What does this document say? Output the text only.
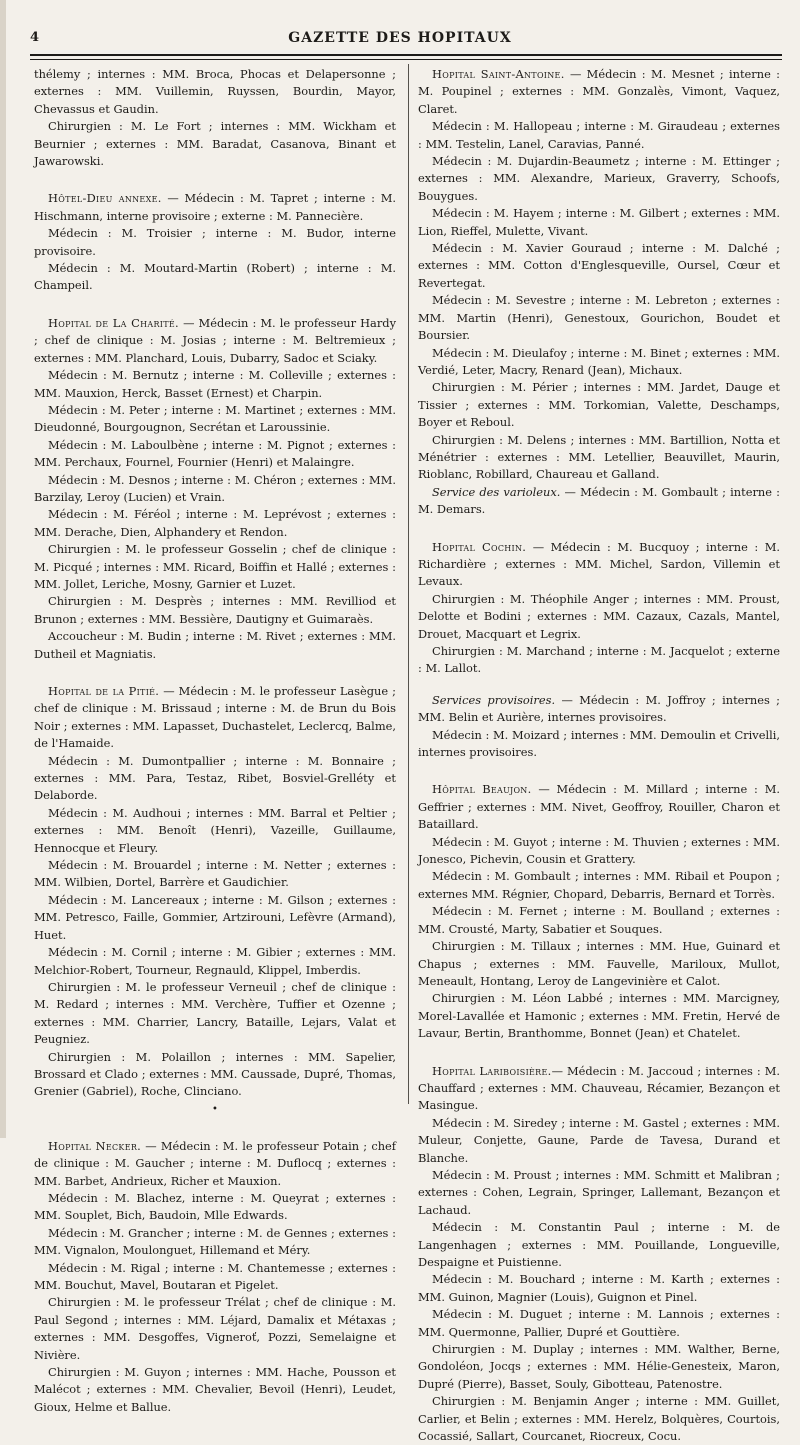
4	GAZETTE DES HOPITAUX

thélemy ; internes : MM. Broca, Phocas et Delapersonne ; externes : MM. Vuillemin, Ruyssen, Bourdin, Mayor, Chevassus et Gaudin.

Chirurgien : M. Le Fort ; internes : MM. Wickham et Beurnier ; externes : MM. Baradat, Casanova, Binant et Jawarowski.

Hôtel-Dieu annexe. — Médecin : M. Tapret ; interne : M. Hischmann, interne provisoire ; externe : M. Pannecière.

Médecin : M. Troisier ; interne : M. Budor, interne provisoire.

Médecin : M. Moutard-Martin (Robert) ; interne : M. Champeil.

Hopital de La Charité. — Médecin : M. le professeur Hardy ; chef de clinique : M. Josias ; interne : M. Beltremieux ; externes : MM. Planchard, Louis, Dubarry, Sadoc et Sciaky.

Médecin : M. Bernutz ; interne : M. Colleville ; externes : MM. Mauxion, Herck, Basset (Ernest) et Charpin.

Médecin : M. Peter ; interne : M. Martinet ; externes : MM. Dieudonné, Bourgougnon, Secrétan et Laroussinie.

Médecin : M. Laboulbène ; interne : M. Pignot ; externes : MM. Perchaux, Fournel, Fournier (Henri) et Malaingre.

Médecin : M. Desnos ; interne : M. Chéron ; externes : MM. Barzilay, Leroy (Lucien) et Vrain.

Médecin : M. Féréol ; interne : M. Leprévost ; externes : MM. Derache, Dien, Alphandery et Rendon.

Chirurgien : M. le professeur Gosselin ; chef de clinique : M. Picqué ; internes : MM. Ricard, Boiffin et Hallé ; externes : MM. Jollet, Leriche, Mosny, Garnier et Luzet.

Chirurgien : M. Desprès ; internes : MM. Revilliod et Brunon ; externes : MM. Bessière, Dautigny et Guimaraès.

Accoucheur : M. Budin ; interne : M. Rivet ; externes : MM. Dutheil et Magniatis.

Hopital de la Pitié. — Médecin : M. le professeur Lasègue ; chef de clinique : M. Brissaud ; interne : M. de Brun du Bois Noir ; externes : MM. Lapasset, Duchastelet, Leclercq, Balme, de l'Hamaide.

Médecin : M. Dumontpallier ; interne : M. Bonnaire ; externes : MM. Para, Testaz, Ribet, Bosviel-Grelléty et Delaborde.

Médecin : M. Audhoui ; internes : MM. Barral et Peltier ; externes : MM. Benoît (Henri), Vazeille, Guillaume, Hennocque et Fleury.

Médecin : M. Brouardel ; interne : M. Netter ; externes : MM. Wilbien, Dortel, Barrère et Gaudichier.

Médecin : M. Lancereaux ; interne : M. Gilson ; externes : MM. Petresco, Faille, Gommier, Artzirouni, Lefèvre (Armand), Huet.

Médecin : M. Cornil ; interne : M. Gibier ; externes : MM. Melchior-Robert, Tourneur, Regnauld, Klippel, Imberdis.

Chirurgien : M. le professeur Verneuil ; chef de clinique : M. Redard ; internes : MM. Verchère, Tuffier et Ozenne ; externes : MM. Charrier, Lancry, Bataille, Lejars, Valat et Peugniez.

Chirurgien : M. Polaillon ; internes : MM. Sapelier, Brossard et Clado ; externes : MM. Caussade, Dupré, Thomas, Grenier (Gabriel), Roche, Clinciano.

•

Hopital Necker. — Médecin : M. le professeur Potain ; chef de clinique : M. Gaucher ; interne : M. Duflocq ; externes : MM. Barbet, Andrieux, Richer et Mauxion.

Médecin : M. Blachez, interne : M. Queyrat ; externes : MM. Souplet, Bich, Baudoin, Mlle Edwards.

Médecin : M. Grancher ; interne : M. de Gennes ; externes : MM. Vignalon, Moulonguet, Hillemand et Méry.

Médecin : M. Rigal ; interne : M. Chantemesse ; externes : MM. Bouchut, Mavel, Boutaran et Pigelet.

Chirurgien : M. le professeur Trélat ; chef de clinique : M. Paul Segond ; internes : MM. Léjard, Damalix et Métaxas ; externes : MM. Desgoffes, Vigneroť, Pozzi, Semelaigne et Nivière.

Chirurgien : M. Guyon ; internes : MM. Hache, Pousson et Malécot ; externes : MM. Chevalier, Bevoil (Henri), Leudet, Gioux, Helme et Ballue.

Hopital Saint-Antoine. — Médecin : M. Mesnet ; interne : M. Poupinel ; externes : MM. Gonzalès, Vimont, Vaquez, Claret.

Médecin : M. Hallopeau ; interne : M. Giraudeau ; externes : MM. Testelin, Lanel, Caravias, Panné.

Médecin : M. Dujardin-Beaumetz ; interne : M. Ettinger ; externes : MM. Alexandre, Marieux, Graverry, Schoofs, Bouygues.

Médecin : M. Hayem ; interne : M. Gilbert ; externes : MM. Lion, Rieffel, Mulette, Vivant.

Médecin : M. Xavier Gouraud ; interne : M. Dalché ; externes : MM. Cotton d'Englesqueville, Oursel, Cœur et Revertegat.

Médecin : M. Sevestre ; interne : M. Lebreton ; externes : MM. Martin (Henri), Genestoux, Gourichon, Boudet et Boursier.

Médecin : M. Dieulafoy ; interne : M. Binet ; externes : MM. Verdié, Leter, Macry, Renard (Jean), Michaux.

Chirurgien : M. Périer ; internes : MM. Jardet, Dauge et Tissier ; externes : MM. Torkomian, Valette, Deschamps, Boyer et Reboul.

Chirurgien : M. Delens ; internes : MM. Bartillion, Notta et Ménétrier : externes : MM. Letellier, Beauvillet, Maurin, Rioblanc, Robillard, Chaureau et Galland.

Service des varioleux. — Médecin : M. Gombault ; interne : M. Demars.

Hopital Cochin. — Médecin : M. Bucquoy ; interne : M. Richardière ; externes : MM. Michel, Sardon, Villemin et Levaux.

Chirurgien : M. Théophile Anger ; internes : MM. Proust, Delotte et Bodini ; externes : MM. Cazaux, Cazals, Mantel, Drouet, Macquart et Legrix.

Chirurgien : M. Marchand ; interne : M. Jacquelot ; externe : M. Lallot.

Services provisoires. — Médecin : M. Joffroy ; internes ; MM. Belin et Aurière, internes provisoires.

Médecin : M. Moizard ; internes : MM. Demoulin et Crivelli, internes provisoires.

Hôpital Beaujon. — Médecin : M. Millard ; interne : M. Geffrier ; externes : MM. Nivet, Geoffroy, Rouiller, Charon et Bataillard.

Médecin : M. Guyot ; interne : M. Thuvien ; externes : MM. Jonesco, Pichevin, Cousin et Grattery.

Médecin : M. Gombault ; internes : MM. Ribail et Poupon ; externes MM. Régnier, Chopard, Debarris, Bernard et Torrès.

Médecin : M. Fernet ; interne : M. Boulland ; externes : MM. Crousté, Marty, Sabatier et Souques.

Chirurgien : M. Tillaux ; internes : MM. Hue, Guinard et Chapus ; externes : MM. Fauvelle, Mariloux, Mullot, Meneault, Hontang, Leroy de Langevinière et Calot.

Chirurgien : M. Léon Labbé ; internes : MM. Marcigney, Morel-Lavallée et Hamonic ; externes : MM. Fretin, Hervé de Lavaur, Bertin, Branthomme, Bonnet (Jean) et Chatelet.

Hopital Lariboisière.— Médecin : M. Jaccoud ; internes : M. Chauffard ; externes : MM. Chauveau, Récamier, Bezançon et Masingue.

Médecin : M. Siredey ; interne : M. Gastel ; externes : MM. Muleur, Conjette, Gaune, Parde de Tavesa, Durand et Blanche.

Médecin : M. Proust ; internes : MM. Schmitt et Malibran ; externes : Cohen, Legrain, Springer, Lallemant, Bezançon et Lachaud.

Médecin : M. Constantin Paul ; interne : M. de Langenhagen ; externes : MM. Pouillande, Longueville, Despaigne et Puistienne.

Médecin : M. Bouchard ; interne : M. Karth ; externes : MM. Guinon, Magnier (Louis), Guignon et Pinel.

Médecin : M. Duguet ; interne : M. Lannois ; externes : MM. Quermonne, Pallier, Dupré et Gouttière.

Chirurgien : M. Duplay ; internes : MM. Walther, Berne, Gondoléon, Jocqs ; externes : MM. Hélie-Genesteix, Maron, Dupré (Pierre), Basset, Souly, Gibotteau, Patenostre.

Chirurgien : M. Benjamin Anger ; interne : MM. Guillet, Carlier, et Belin ; externes : MM. Herelz, Bolquères, Courtois, Cocassié, Sallart, Courcanet, Riocreux, Cocu.
